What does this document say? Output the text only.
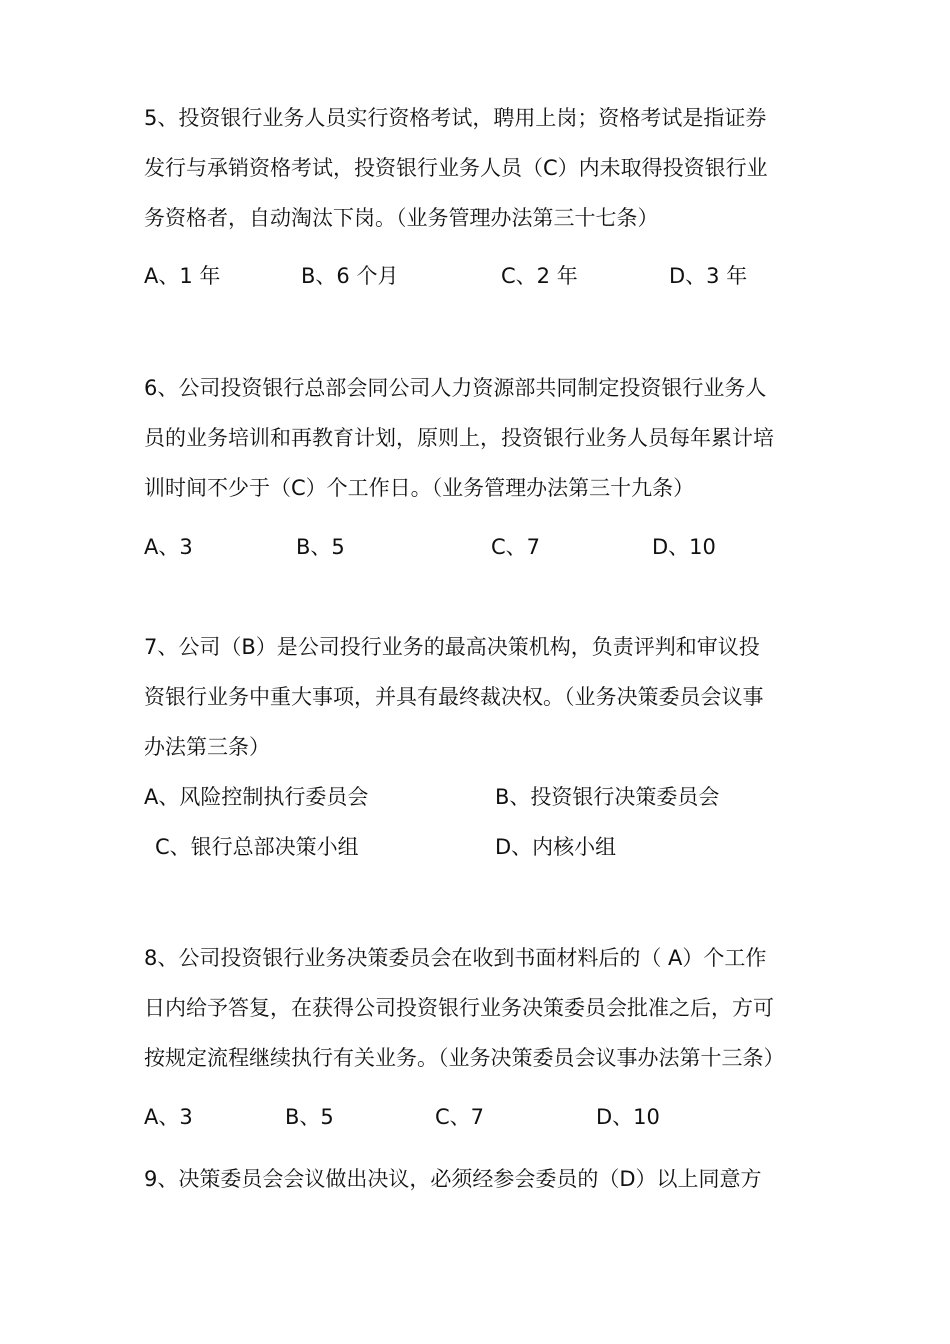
5、投资银行业务人员实行资格考试，聘用上岗；资格考试是指证券
发行与承销资格考试，投资银行业务人员（C）内未取得投资银行业
务资格者，自动淘汰下岗。（业务管理办法第三十七条）
A、1 年	B、6 个月	C、2 年	D、3 年
6、公司投资银行总部会同公司人力资源部共同制定投资银行业务人
员的业务培训和再教育计划，原则上，投资银行业务人员每年累计培
训时间不少于（C）个工作日。（业务管理办法第三十九条）
A、3	B、5	C、7	D、10
7、公司（B）是公司投行业务的最高决策机构，负责评判和审议投
资银行业务中重大事项，并具有最终裁决权。（业务决策委员会议事
办法第三条）
A、风险控制执行委员会	B、投资银行决策委员会
C、银行总部决策小组	D、内核小组
8、公司投资银行业务决策委员会在收到书面材料后的（ A）个工作
日内给予答复，在获得公司投资银行业务决策委员会批准之后，方可
按规定流程继续执行有关业务。（业务决策委员会议事办法第十三条）
A、3	B、5	C、7	D、10
9、决策委员会会议做出决议，必须经参会委员的（D）以上同意方
